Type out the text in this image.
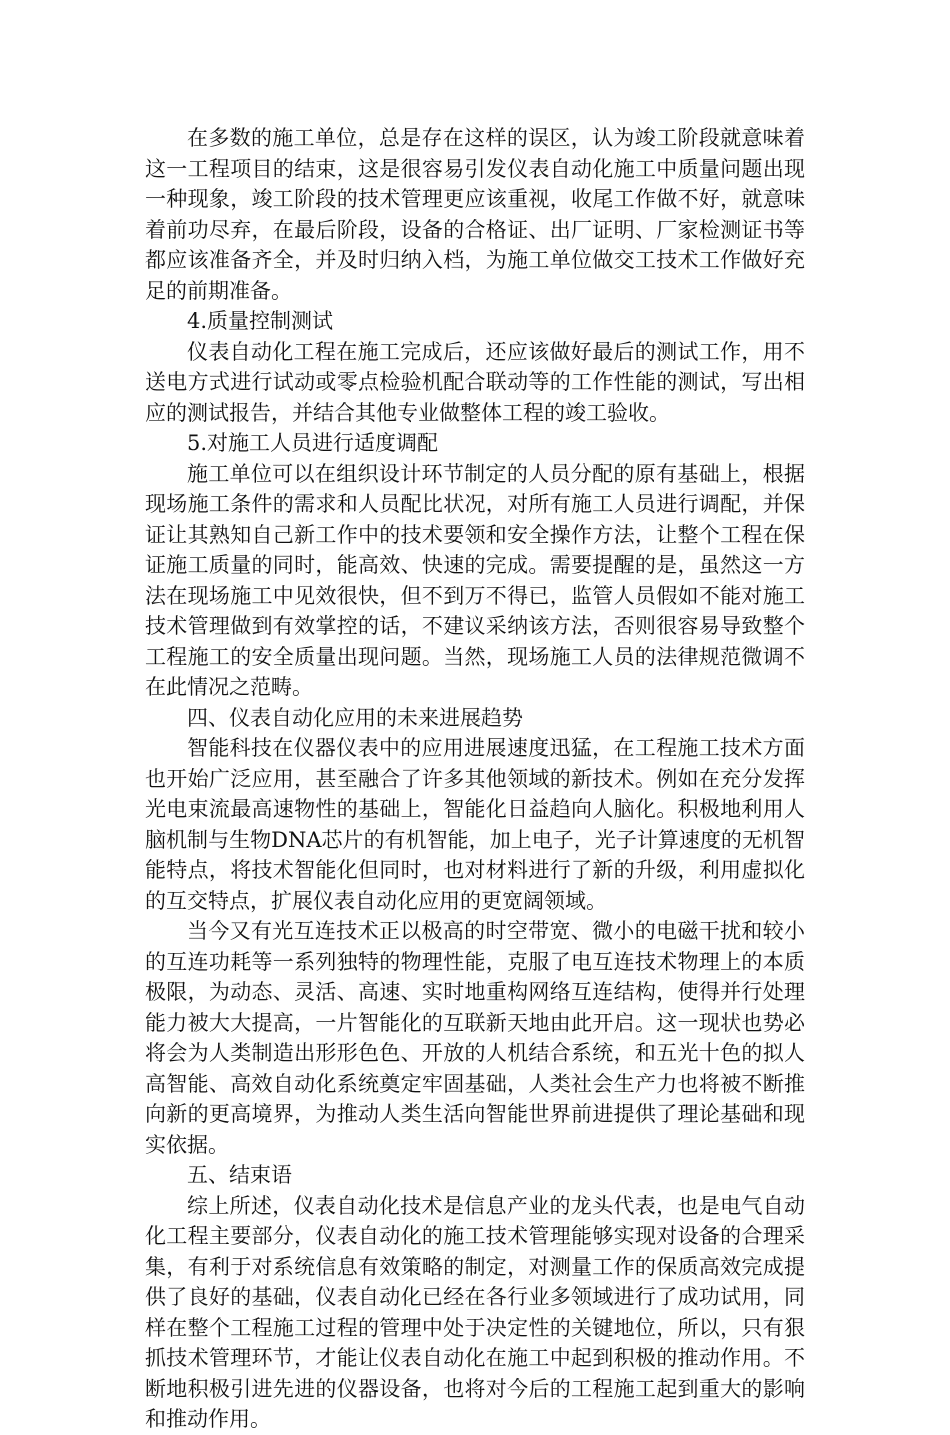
在多数的施工单位，总是存在这样的误区，认为竣工阶段就意味着这一工程项目的结束，这是很容易引发仪表自动化施工中质量问题出现一种现象，竣工阶段的技术管理更应该重视，收尾工作做不好，就意味着前功尽弃，在最后阶段，设备的合格证、出厂证明、厂家检测证书等都应该准备齐全，并及时归纳入档，为施工单位做交工技术工作做好充足的前期准备。

4.质量控制测试

仪表自动化工程在施工完成后，还应该做好最后的测试工作，用不送电方式进行试动或零点检验机配合联动等的工作性能的测试，写出相应的测试报告，并结合其他专业做整体工程的竣工验收。

5.对施工人员进行适度调配

施工单位可以在组织设计环节制定的人员分配的原有基础上，根据现场施工条件的需求和人员配比状况，对所有施工人员进行调配，并保证让其熟知自己新工作中的技术要领和安全操作方法，让整个工程在保证施工质量的同时，能高效、快速的完成。需要提醒的是，虽然这一方法在现场施工中见效很快，但不到万不得已，监管人员假如不能对施工技术管理做到有效掌控的话，不建议采纳该方法，否则很容易导致整个工程施工的安全质量出现问题。当然，现场施工人员的法律规范微调不在此情况之范畴。

四、仪表自动化应用的未来进展趋势

智能科技在仪器仪表中的应用进展速度迅猛，在工程施工技术方面也开始广泛应用，甚至融合了许多其他领域的新技术。例如在充分发挥光电束流最高速物性的基础上，智能化日益趋向人脑化。积极地利用人脑机制与生物DNA芯片的有机智能，加上电子，光子计算速度的无机智能特点，将技术智能化但同时，也对材料进行了新的升级，利用虚拟化的互交特点，扩展仪表自动化应用的更宽阔领域。

当今又有光互连技术正以极高的时空带宽、微小的电磁干扰和较小的互连功耗等一系列独特的物理性能，克服了电互连技术物理上的本质极限，为动态、灵活、高速、实时地重构网络互连结构，使得并行处理能力被大大提高，一片智能化的互联新天地由此开启。这一现状也势必将会为人类制造出形形色色、开放的人机结合系统，和五光十色的拟人高智能、高效自动化系统奠定牢固基础，人类社会生产力也将被不断推向新的更高境界，为推动人类生活向智能世界前进提供了理论基础和现实依据。

五、结束语

综上所述，仪表自动化技术是信息产业的龙头代表，也是电气自动化工程主要部分，仪表自动化的施工技术管理能够实现对设备的合理采集，有利于对系统信息有效策略的制定，对测量工作的保质高效完成提供了良好的基础，仪表自动化已经在各行业多领域进行了成功试用，同样在整个工程施工过程的管理中处于决定性的关键地位，所以，只有狠抓技术管理环节，才能让仪表自动化在施工中起到积极的推动作用。不断地积极引进先进的仪器设备，也将对今后的工程施工起到重大的影响和推动作用。
